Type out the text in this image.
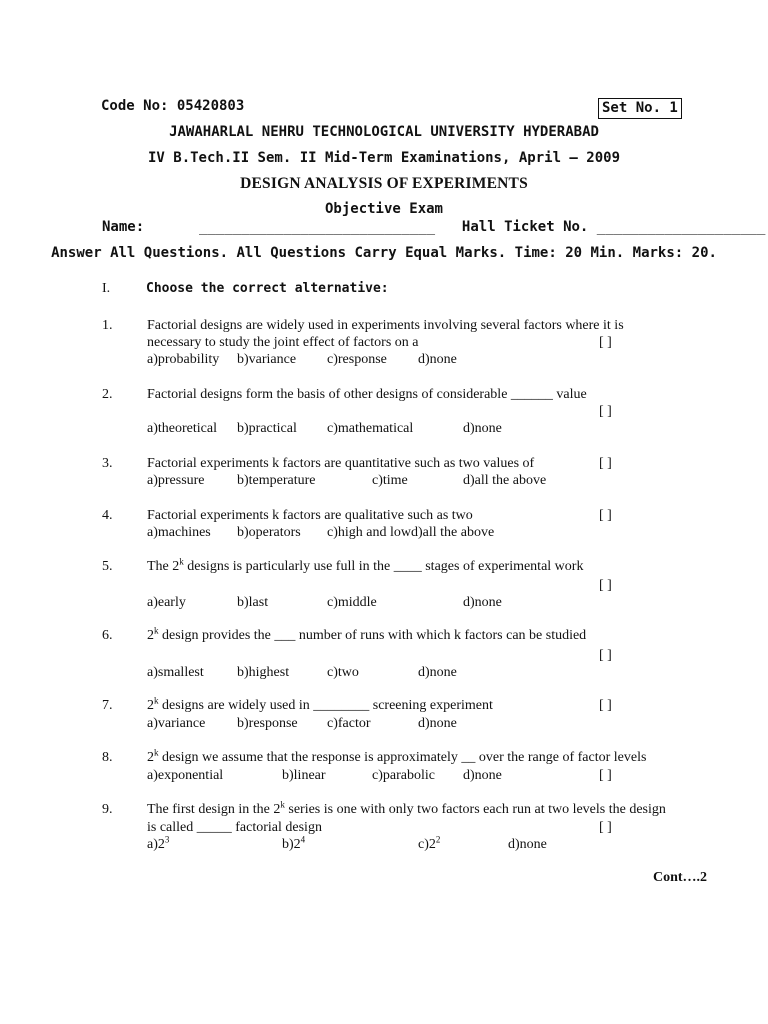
Code No: 05420803	Set No. 1
JAWAHARLAL NEHRU TECHNOLOGICAL UNIVERSITY HYDERABAD
IV B.Tech.II Sem. II Mid-Term Examinations, April – 2009
DESIGN ANALYSIS OF EXPERIMENTS
Objective Exam
Name:	____________________________ Hall Ticket No. ____________________
Answer All Questions. All Questions Carry Equal Marks. Time: 20 Min. Marks: 20.
I.	Choose the correct alternative:
1. Factorial designs are widely used in experiments involving several factors where it is
necessary to study the joint effect of factors on a	[ ]
a)probability b)variance c)response d)none
2. Factorial designs form the basis of other designs of considerable ______ value
[ ]
a)theoretical b)practical c)mathematical	d)none
3. Factorial experiments k factors are quantitative such as two values of	[ ]
a)pressure b)temperature	c)time	d)all the above
4. Factorial experiments k factors are qualitative such as two	[ ]
a)machines b)operators c)high and lowd)all the above
5. The 2$^k$ designs is particularly use full in the ____ stages of experimental work
[ ]
a)early	b)last	c)middle	d)none
6. 2$^k$ design provides the ___ number of runs with which k factors can be studied
[ ]
a)smallest b)highest	c)two	d)none
7. 2$^k$ designs are widely used in ________ screening experiment	[ ]
a)variance b)response c)factor	d)none
8. 2$^k$ design we assume that the response is approximately __ over the range of factor levels
[ ]
a)exponential	b)linear	c)parabolic d)none
9. The first design in the 2$^k$ series is one with only two factors each run at two levels the design
is called _____ factorial design	[ ]
$a)2^3$	$b)2^4$	$c)2^2$	d)none
Cont….2
